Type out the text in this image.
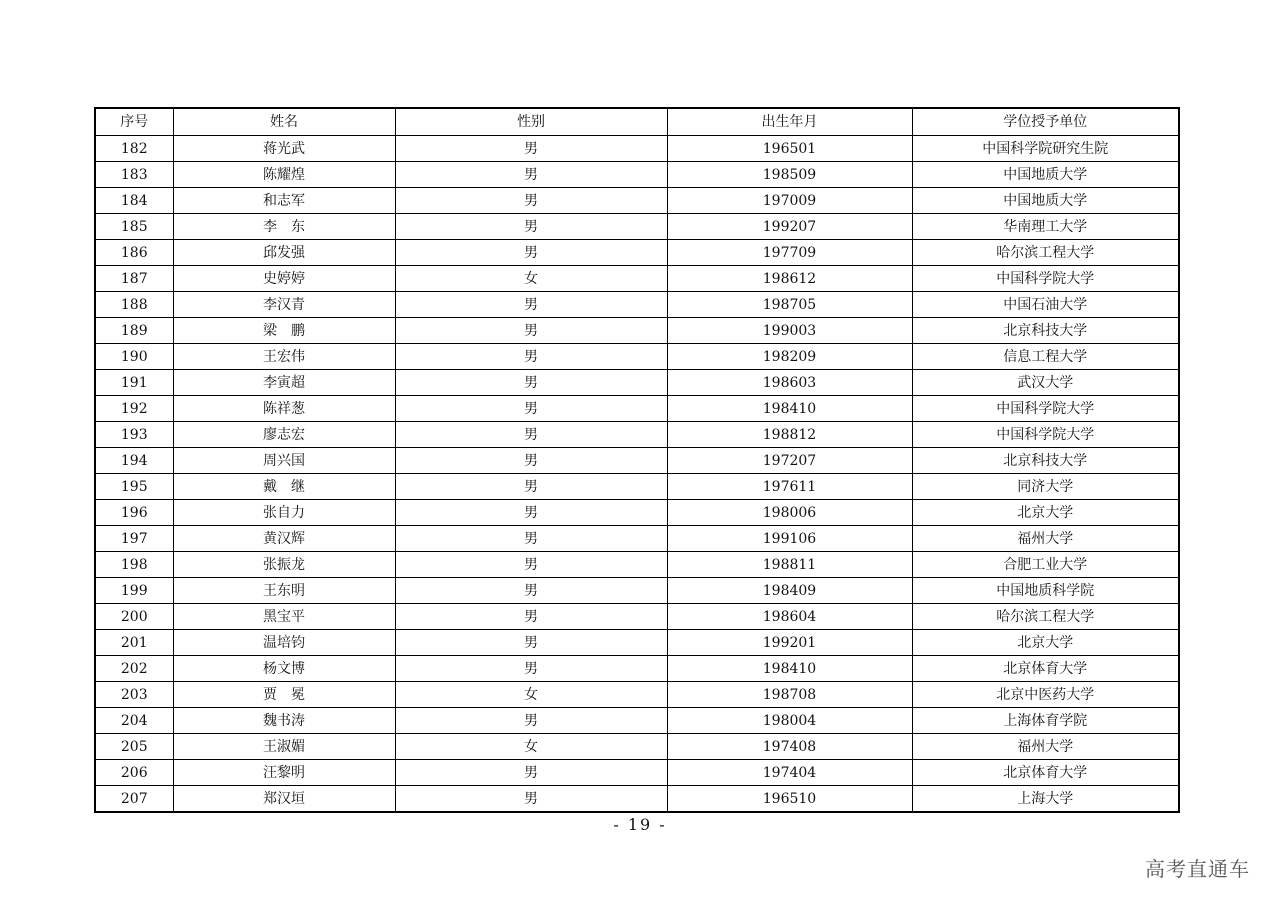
序号	姓名	性别	出生年月	学位授予单位
182	蒋光武	男	196501	中国科学院研究生院
183	陈耀煌	男	198509	中国地质大学
184	和志军	男	197009	中国地质大学
185	李　东	男	199207	华南理工大学
186	邱发强	男	197709	哈尔滨工程大学
187	史婷婷	女	198612	中国科学院大学
188	李汉青	男	198705	中国石油大学
189	梁　鹏	男	199003	北京科技大学
190	王宏伟	男	198209	信息工程大学
191	李寅超	男	198603	武汉大学
192	陈祥葱	男	198410	中国科学院大学
193	廖志宏	男	198812	中国科学院大学
194	周兴国	男	197207	北京科技大学
195	戴　继	男	197611	同济大学
196	张自力	男	198006	北京大学
197	黄汉辉	男	199106	福州大学
198	张振龙	男	198811	合肥工业大学
199	王东明	男	198409	中国地质科学院
200	黑宝平	男	198604	哈尔滨工程大学
201	温培钧	男	199201	北京大学
202	杨文博	男	198410	北京体育大学
203	贾　冕	女	198708	北京中医药大学
204	魏书涛	男	198004	上海体育学院
205	王淑媚	女	197408	福州大学
206	汪黎明	男	197404	北京体育大学
207	郑汉垣	男	196510	上海大学
- 19 -
高考直通车
